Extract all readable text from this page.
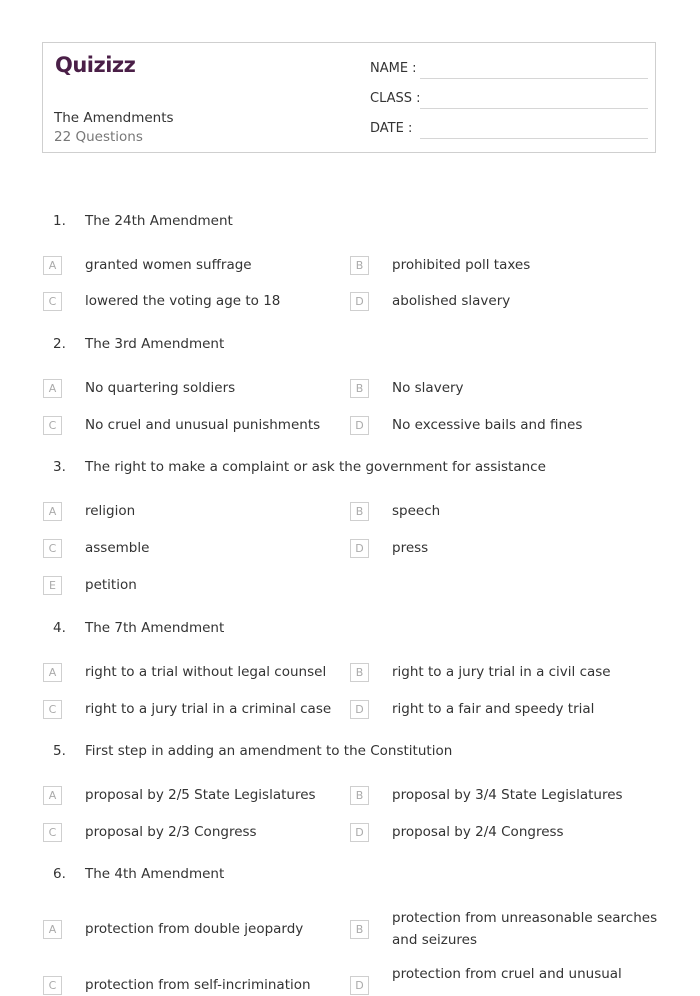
Quizizz
The Amendments
22 Questions
NAME :
CLASS :
DATE :
1. The 24th Amendment
A	granted women suffrage	B	prohibited poll taxes
C	lowered the voting age to 18	D	abolished slavery
2. The 3rd Amendment
A	No quartering soldiers	B	No slavery
C	No cruel and unusual punishments	D	No excessive bails and fines
3. The right to make a complaint or ask the government for assistance
A	religion	B	speech
C	assemble	D	press
E	petition
4. The 7th Amendment
A	right to a trial without legal counsel	B	right to a jury trial in a civil case
C	right to a jury trial in a criminal case	D	right to a fair and speedy trial
5. First step in adding an amendment to the Constitution
A	proposal by 2/5 State Legislatures	B	proposal by 3/4 State Legislatures
C	proposal by 2/3 Congress	D	proposal by 2/4 Congress
6. The 4th Amendment
A	protection from double jeopardy	B
protection from unreasonable searches and seizures
C	protection from self-incrimination	D
protection from cruel and unusual
